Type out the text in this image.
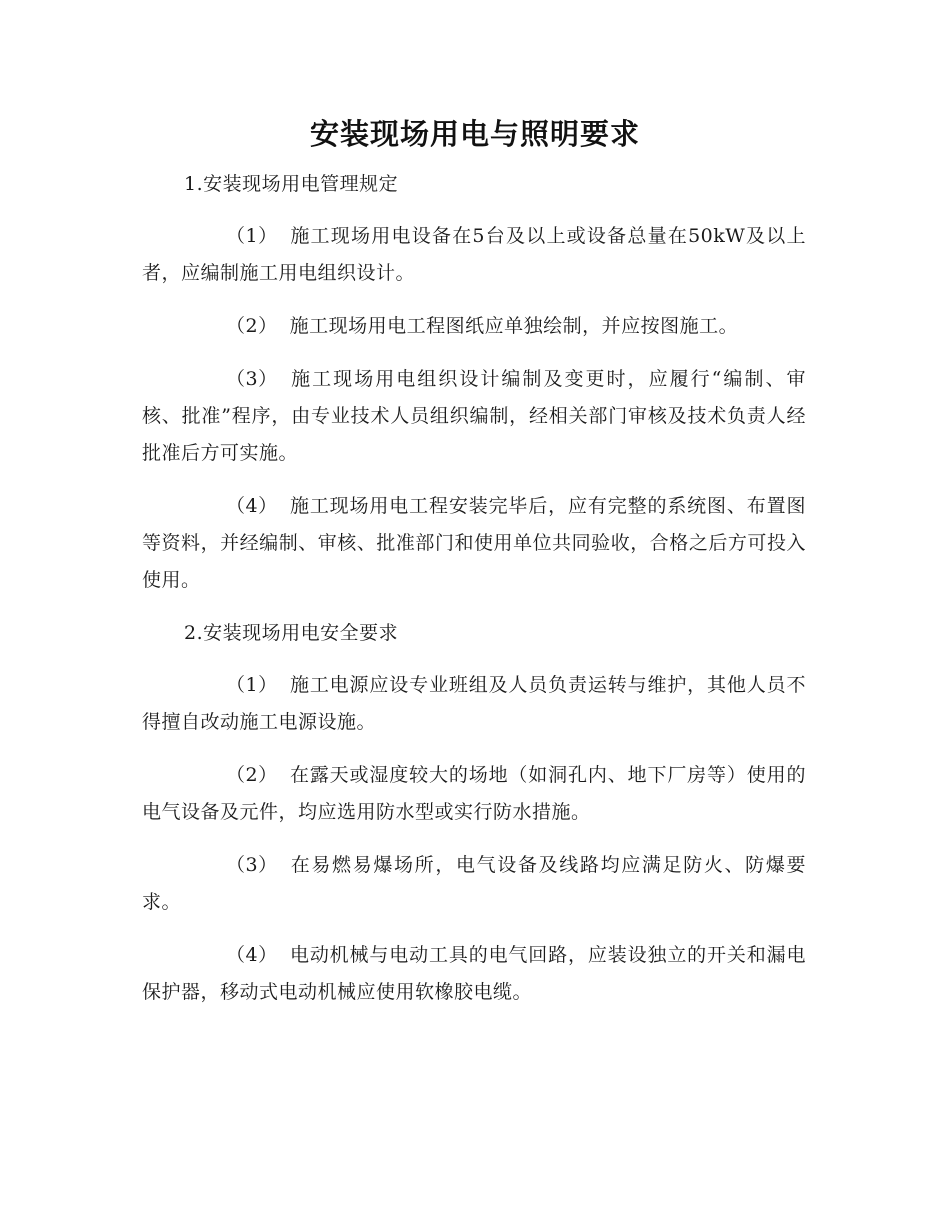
安装现场用电与照明要求

1.安装现场用电管理规定

（1） 施工现场用电设备在5台及以上或设备总量在50kW及以上者，应编制施工用电组织设计。

（2） 施工现场用电工程图纸应单独绘制，并应按图施工。

（3） 施工现场用电组织设计编制及变更时，应履行“编制、审核、批准”程序，由专业技术人员组织编制，经相关部门审核及技术负责人经批准后方可实施。

（4） 施工现场用电工程安装完毕后，应有完整的系统图、布置图等资料，并经编制、审核、批准部门和使用单位共同验收，合格之后方可投入使用。

2.安装现场用电安全要求

（1） 施工电源应设专业班组及人员负责运转与维护，其他人员不得擅自改动施工电源设施。

（2） 在露天或湿度较大的场地（如洞孔内、地下厂房等）使用的电气设备及元件，均应选用防水型或实行防水措施。

（3） 在易燃易爆场所，电气设备及线路均应满足防火、防爆要求。

（4） 电动机械与电动工具的电气回路，应装设独立的开关和漏电保护器，移动式电动机械应使用软橡胶电缆。
